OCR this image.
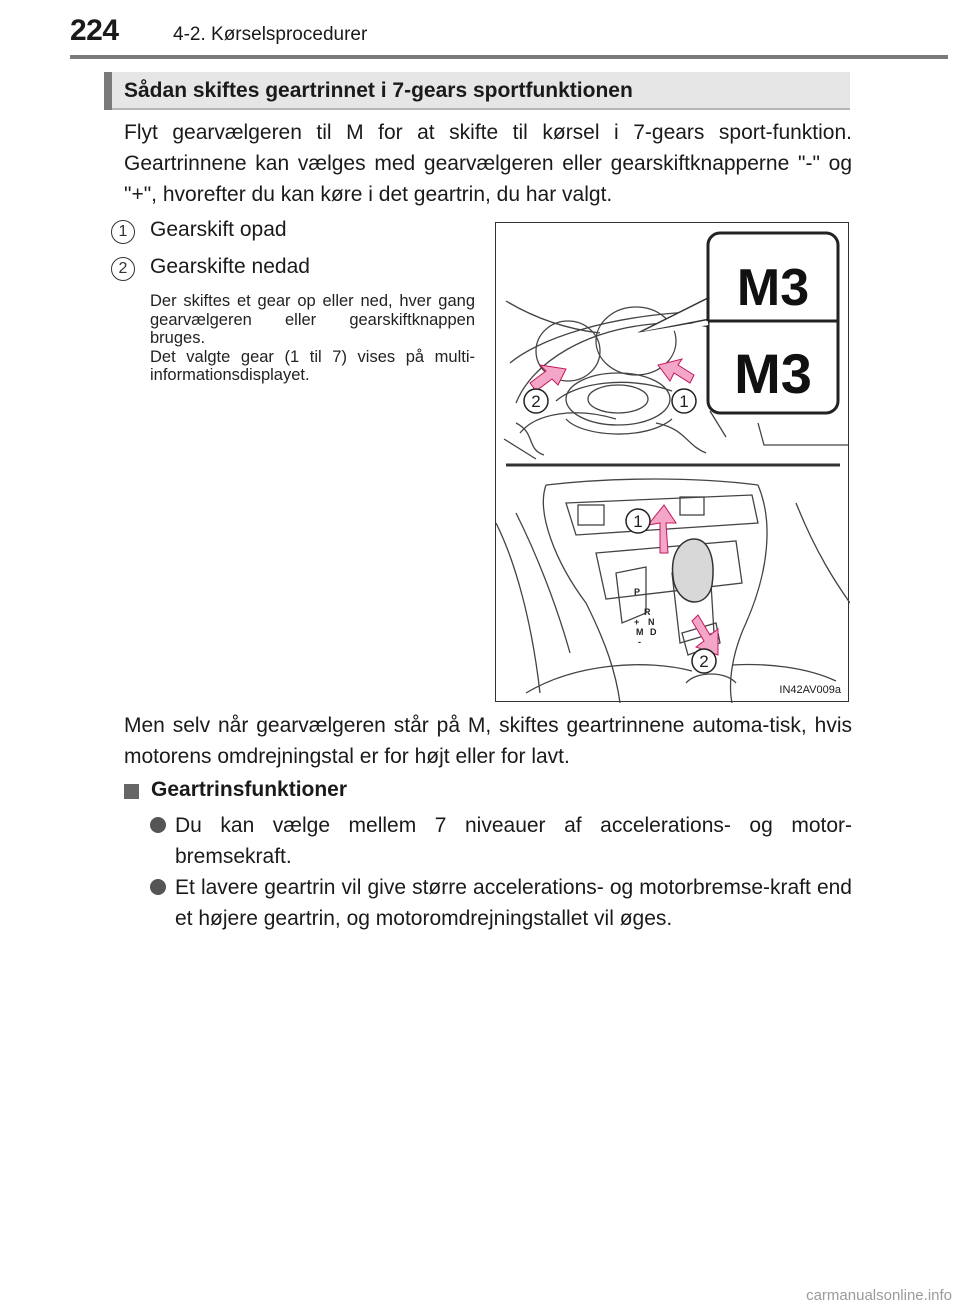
224	4-2. Kørselsprocedurer
Sådan skiftes geartrinnet i 7-gears sportfunktionen

Flyt gearvælgeren til M for at skifte til kørsel i 7-gears sport-funktion. Geartrinnene kan vælges med gearvælgeren eller gearskiftknapperne "-" og "+", hvorefter du kan køre i det geartrin, du har valgt.

1	Gearskift opad
2	Gearskifte nedad

Der skiftes et gear op eller ned, hver gang gearvælgeren eller gearskiftknappen bruges.

Det valgte gear (1 til 7) vises på multi-informationsdisplayet.

M3
M3
2	1
P
R
N
D
+
M
-
1
2
IN42AV009a

Men selv når gearvælgeren står på M, skiftes geartrinnene automa-tisk, hvis motorens omdrejningstal er for højt eller for lavt.

Geartrinsfunktioner

Du kan vælge mellem 7 niveauer af accelerations- og motor-bremsekraft.

Et lavere geartrin vil give større accelerations- og motorbremse-kraft end et højere geartrin, og motoromdrejningstallet vil øges.

carmanualsonline.info
